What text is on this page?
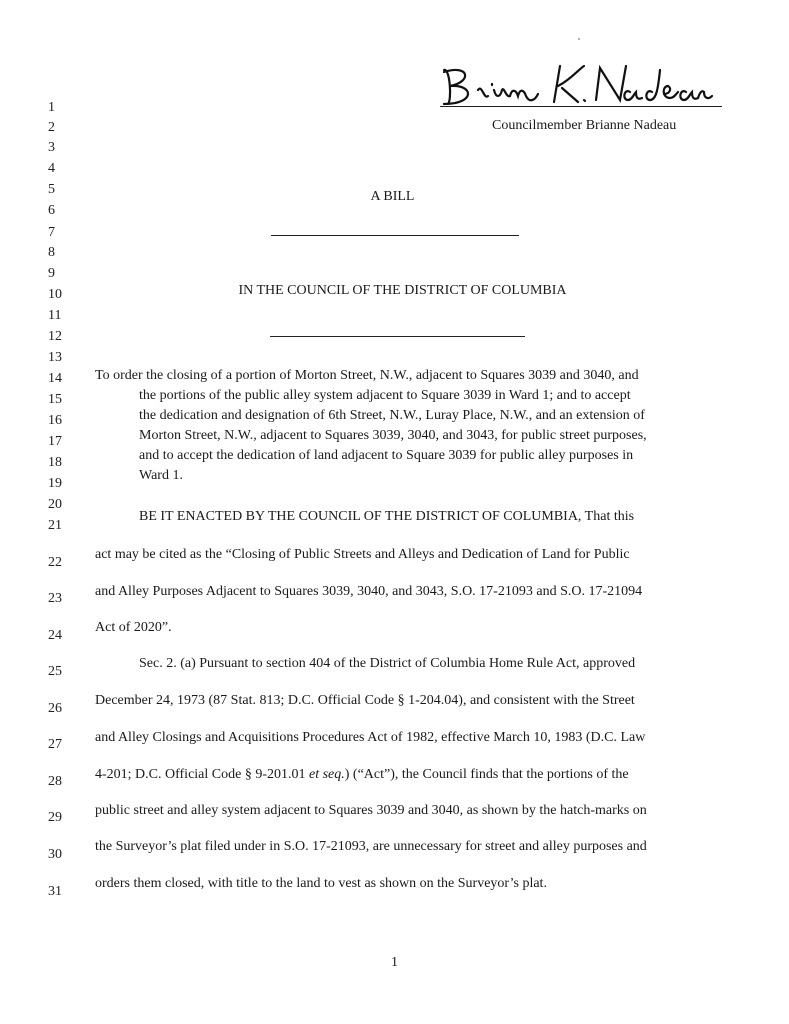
Councilmember Brianne Nadeau
1
2
3
4
5
6
7
8
9
10
11
12
13
14
15
16
17
18
19
20
21
22
23
24
25
26
27
28
29
30
31
A BILL
IN THE COUNCIL OF THE DISTRICT OF COLUMBIA
To order the closing of a portion of Morton Street, N.W., adjacent to Squares 3039 and 3040, and
the portions of the public alley system adjacent to Square 3039 in Ward 1; and to accept
the dedication and designation of 6th Street, N.W., Luray Place, N.W., and an extension of
Morton Street, N.W., adjacent to Squares 3039, 3040, and 3043, for public street purposes,
and to accept the dedication of land adjacent to Square 3039 for public alley purposes in
Ward 1.
BE IT ENACTED BY THE COUNCIL OF THE DISTRICT OF COLUMBIA, That this
act may be cited as the “Closing of Public Streets and Alleys and Dedication of Land for Public
and Alley Purposes Adjacent to Squares 3039, 3040, and 3043, S.O. 17-21093 and S.O. 17-21094
Act of 2020”.
Sec. 2. (a) Pursuant to section 404 of the District of Columbia Home Rule Act, approved
December 24, 1973 (87 Stat. 813; D.C. Official Code § 1-204.04), and consistent with the Street
and Alley Closings and Acquisitions Procedures Act of 1982, effective March 10, 1983 (D.C. Law
4-201; D.C. Official Code § 9-201.01 et seq.) (“Act”), the Council finds that the portions of the
public street and alley system adjacent to Squares 3039 and 3040, as shown by the hatch-marks on
the Surveyor’s plat filed under in S.O. 17-21093, are unnecessary for street and alley purposes and
orders them closed, with title to the land to vest as shown on the Surveyor’s plat.
1
